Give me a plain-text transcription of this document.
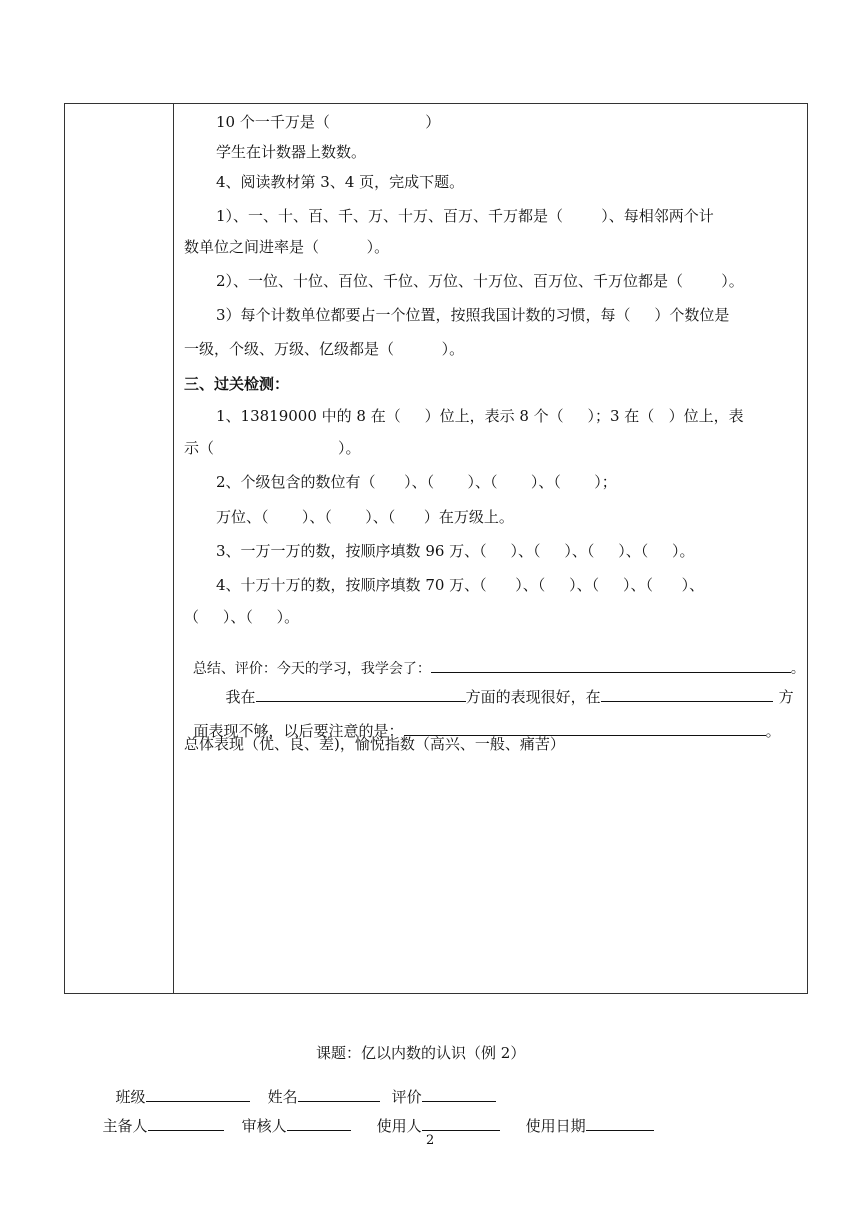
10 个一千万是（                    ）
学生在计数器上数数。
4、阅读教材第 3、4 页，完成下题。
1）、一、十、百、千、万、十万、百万、千万都是（        ）、每相邻两个计
数单位之间进率是（          ）。
2）、一位、十位、百位、千位、万位、十万位、百万位、千万位都是（        ）。
3）每个计数单位都要占一个位置，按照我国计数的习惯，每（     ）个数位是
一级，个级、万级、亿级都是（          ）。
三、过关检测：
1、13819000 中的 8 在（     ）位上，表示 8 个（     ）；3 在（   ）位上，表
示（                          ）。
2、个级包含的数位有（      ）、（       ）、（       ）、（       ）；
万位、（       ）、（       ）、（      ）在万级上。
3、一万一万的数，按顺序填数 96 万、（     ）、（     ）、（     ）、（     ）。
4、十万十万的数，按顺序填数 70 万、（      ）、（     ）、（     ）、（      ）、
（     ）、（     ）。

总结、评价：今天的学习，我学会了：	。

我在	方面的表现很好，在	方

面表现不够，以后要注意的是：	。

总体表现（优、良、差)，愉悦指数（高兴、一般、痛苦）
课题：亿以内数的认识（例 2）

班级	姓名	评价

主备人	审核人	使用人	使用日期

2
